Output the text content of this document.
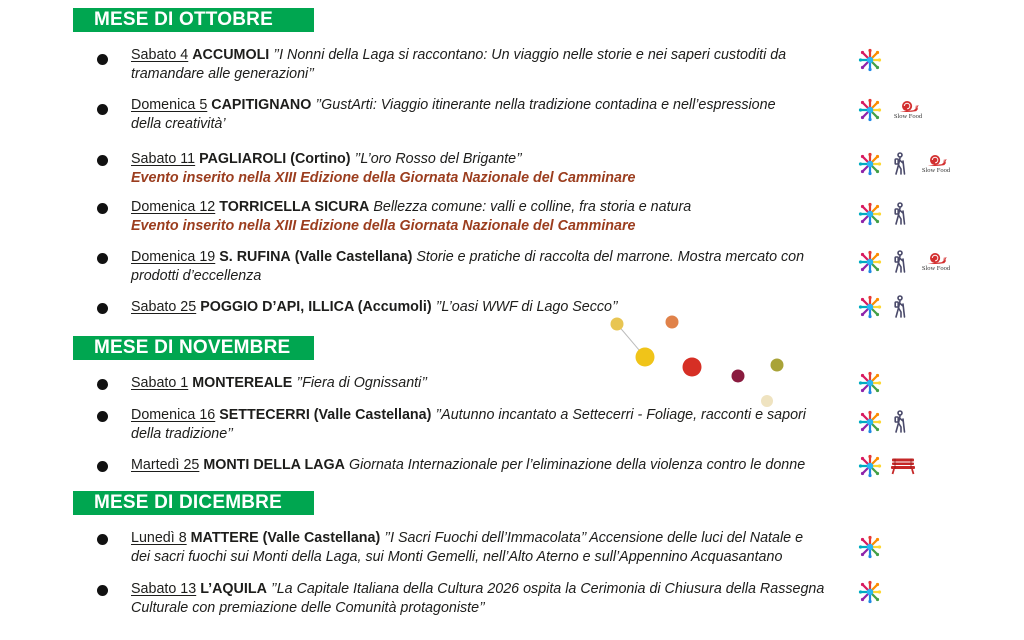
MESE DI OTTOBRE
Sabato 4 ACCUMOLI ’’I Nonni della Laga si raccontano: Un viaggio nelle storie e nei saperi custoditi da
tramandare alle generazioni’’
Domenica 5 CAPITIGNANO ’’GustArti: Viaggio itinerante nella tradizione contadina e nell’espressione
della creatività’	Slow Food
Sabato 11 PAGLIAROLI (Cortino) ’’L’oro Rosso del Brigante’’
Evento inserito nella XIII Edizione della Giornata Nazionale del Camminare	Slow Food
Domenica 12 TORRICELLA SICURA Bellezza comune: valli e colline, fra storia e natura
Evento inserito nella XIII Edizione della Giornata Nazionale del Camminare
Domenica 19 S. RUFINA (Valle Castellana) Storie e pratiche di raccolta del marrone. Mostra mercato con
prodotti d’eccellenza	Slow Food
Sabato 25 POGGIO D’API, ILLICA (Accumoli) ’’L’oasi WWF di Lago Secco’’
MESE DI NOVEMBRE
Sabato 1 MONTEREALE ’’Fiera di Ognissanti’’
Domenica 16 SETTECERRI (Valle Castellana) ’’Autunno incantato a Settecerri - Foliage, racconti e sapori
della tradizione’’
Martedì 25 MONTI DELLA LAGA Giornata Internazionale per l’eliminazione della violenza contro le donne
MESE DI DICEMBRE
Lunedì 8 MATTERE (Valle Castellana) ’’I Sacri Fuochi dell’Immacolata’’ Accensione delle luci del Natale e
dei sacri fuochi sui Monti della Laga, sui Monti Gemelli, nell’Alto Aterno e sull’Appennino Acquasantano
Sabato 13 L’AQUILA ’’La Capitale Italiana della Cultura 2026 ospita la Cerimonia di Chiusura della Rassegna
Culturale con premiazione delle Comunità protagoniste’’
